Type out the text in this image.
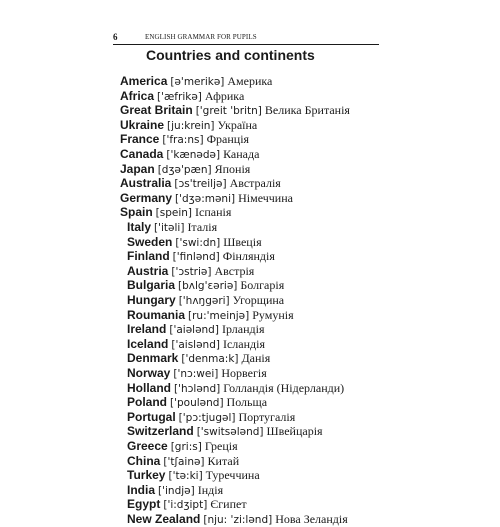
6	ENGLISH GRAMMAR FOR PUPILS
Countries and continents
America [ə'merikə] Америка
Africa ['æfrikə] Африка
Great Britain ['greit 'britn] Велика Британія
Ukraine [ju:krein] Україна
France ['fra:ns] Франція
Canada ['kænədə] Канада
Japan [dʒə'pæn] Японія
Australia [ɔs'treiljə] Австралія
Germany ['dʒə:məni] Німеччина
Spain [spein] Іспанія
Italy ['itəli] Італія
Sweden ['swi:dn] Швеція
Finland ['finlənd] Фінляндія
Austria ['ɔstriə] Австрія
Bulgaria [bʌlg'ɛəriə] Болгарія
Hungary ['hʌŋgəri] Угорщина
Roumania [ru:'meinjə] Румунія
Ireland ['aiələnd] Ірландія
Iceland ['aislənd] Ісландія
Denmark ['denma:k] Данія
Norway ['nɔ:wei] Норвегія
Holland ['hɔlənd] Голландія (Нідерланди)
Poland ['poulənd] Польща
Portugal ['pɔ:tjugəl] Португалія
Switzerland ['switsələnd] Швейцарія
Greece [gri:s] Греція
China ['tʃainə] Китай
Turkey ['tə:ki] Туреччина
India ['indjə] Індія
Egypt ['i:dʒipt] Єгипет
New Zealand [nju: 'zi:lənd] Нова Зеландія
